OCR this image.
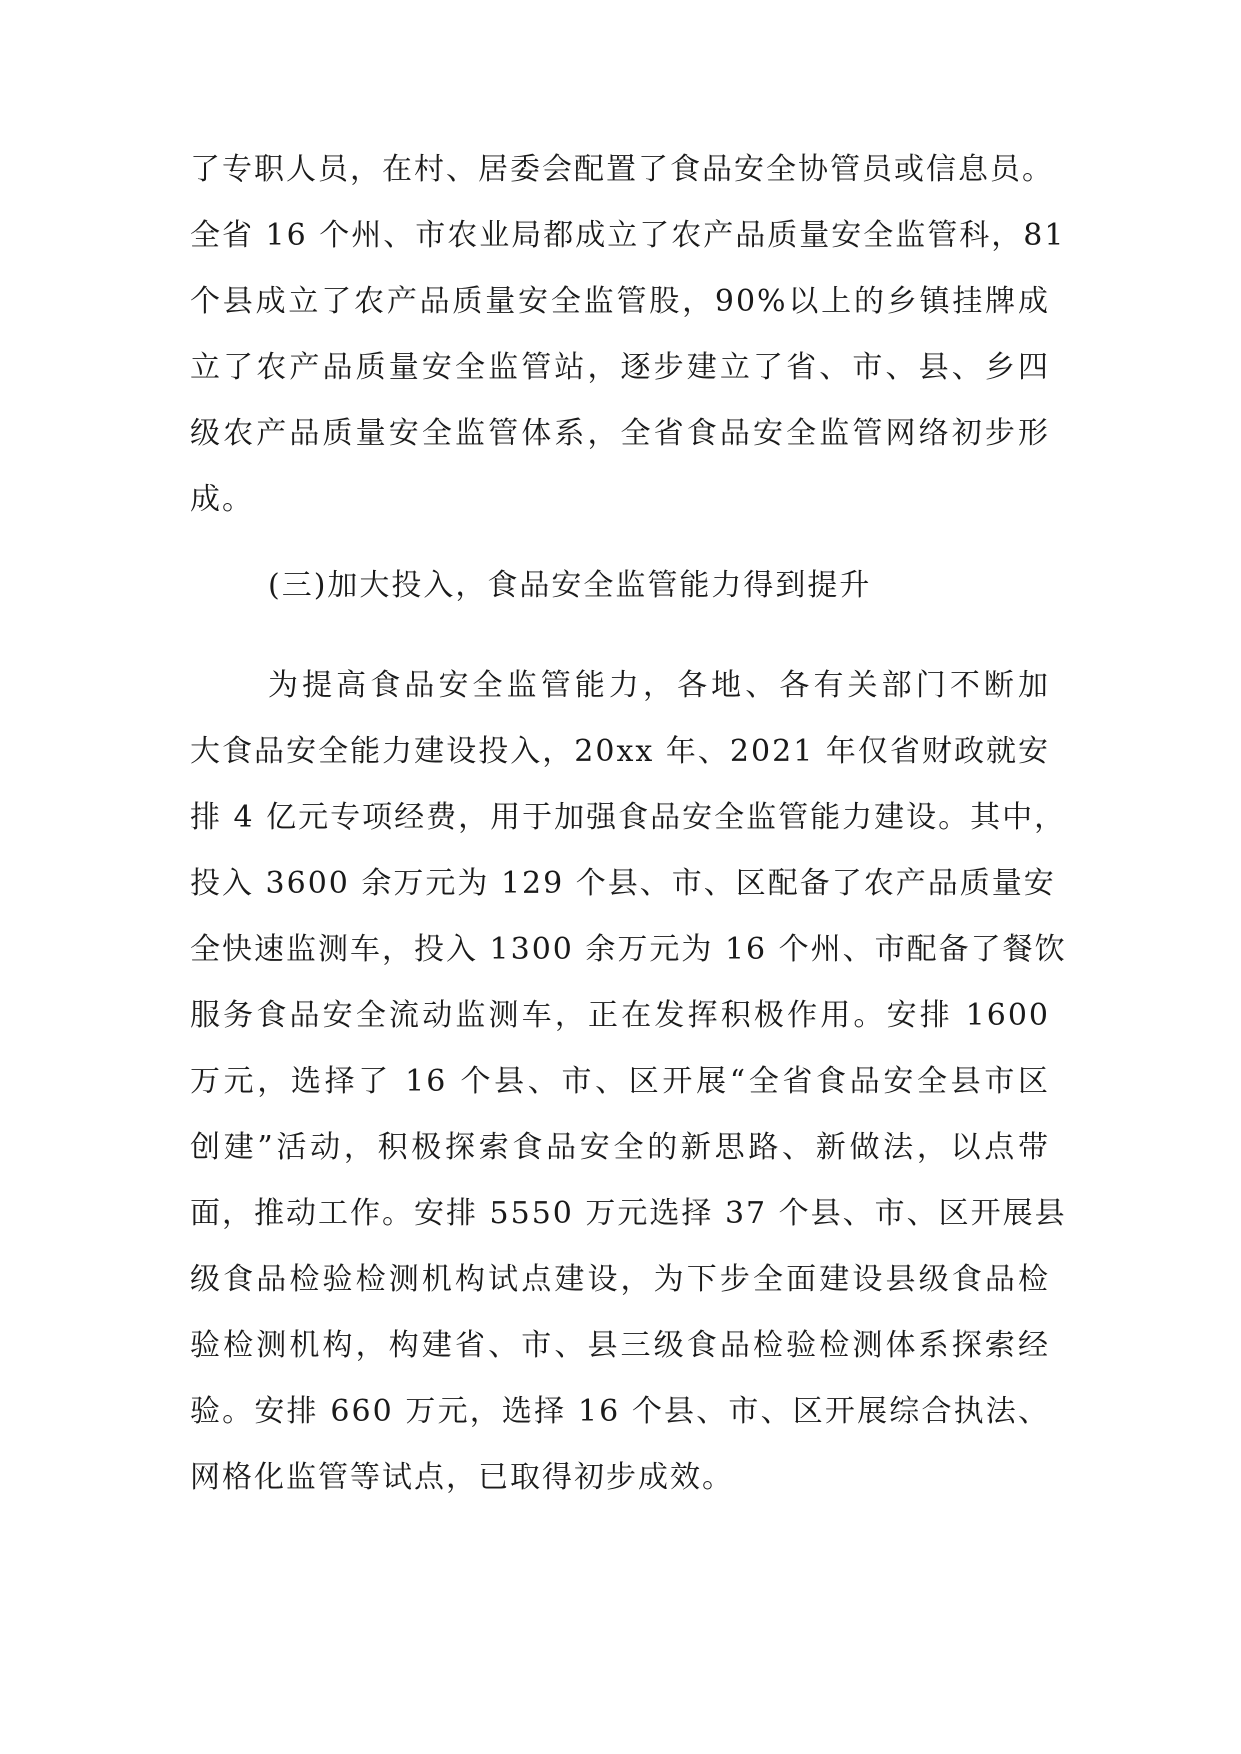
了专职人员，在村、居委会配置了食品安全协管员或信息员。
全省 16 个州、市农业局都成立了农产品质量安全监管科，81
个县成立了农产品质量安全监管股，90%以上的乡镇挂牌成
立了农产品质量安全监管站，逐步建立了省、市、县、乡四
级农产品质量安全监管体系，全省食品安全监管网络初步形
成。
(三)加大投入，食品安全监管能力得到提升
为提高食品安全监管能力，各地、各有关部门不断加
大食品安全能力建设投入，20xx 年、2021 年仅省财政就安
排 4 亿元专项经费，用于加强食品安全监管能力建设。其中，
投入 3600 余万元为 129 个县、市、区配备了农产品质量安
全快速监测车，投入 1300 余万元为 16 个州、市配备了餐饮
服务食品安全流动监测车，正在发挥积极作用。安排 1600
万元，选择了 16 个县、市、区开展“全省食品安全县市区
创建”活动，积极探索食品安全的新思路、新做法，以点带
面，推动工作。安排 5550 万元选择 37 个县、市、区开展县
级食品检验检测机构试点建设，为下步全面建设县级食品检
验检测机构，构建省、市、县三级食品检验检测体系探索经
验。安排 660 万元，选择 16 个县、市、区开展综合执法、
网格化监管等试点，已取得初步成效。
